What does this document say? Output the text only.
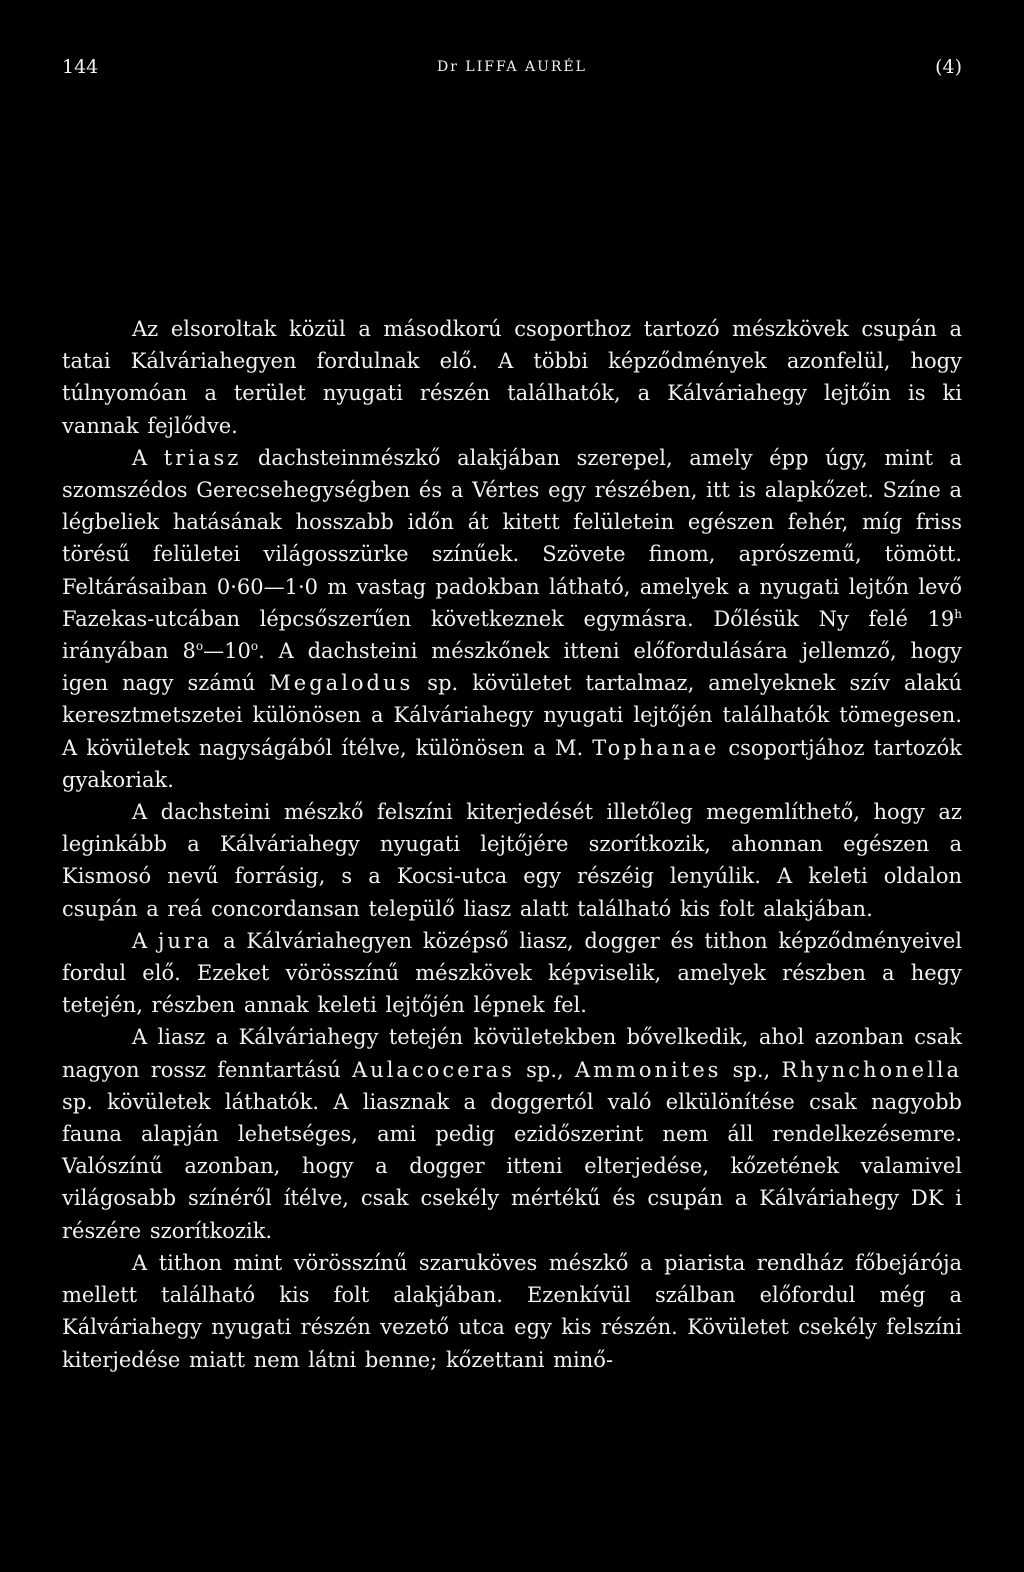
144	Dr LIFFA AURÉL	(4)

Az elsoroltak közül a másodkorú csoporthoz tartozó mészkövek csupán a tatai Kálváriahegyen fordulnak elő. A többi képződmények azonfelül, hogy túlnyomóan a terület nyugati részén találhatók, a Kálváriahegy lejtőin is ki vannak fejlődve.

A triasz dachsteinmészkő alakjában szerepel, amely épp úgy, mint a szomszédos Gerecsehegységben és a Vértes egy részében, itt is alapkőzet. Színe a légbeliek hatásának hosszabb időn át kitett felületein egészen fehér, míg friss törésű felületei világosszürke színűek. Szövete finom, aprószemű, tömött. Feltárásaiban 0·60—1·0 m vastag padokban látható, amelyek a nyugati lejtőn levő Fazekas-utcában lépcsőszerűen következnek egymásra. Dőlésük Ny felé 19$^h$ irányában 8$^o$—10$^o$. A dachsteini mészkőnek itteni előfordulására jellemző, hogy igen nagy számú Megalodus sp. kövületet tartalmaz, amelyeknek szív alakú keresztmetszetei különösen a Kálváriahegy nyugati lejtőjén találhatók tömegesen. A kövületek nagyságából ítélve, különösen a M. Tophanae csoportjához tartozók gyakoriak.

A dachsteini mészkő felszíni kiterjedését illetőleg megemlíthető, hogy az leginkább a Kálváriahegy nyugati lejtőjére szorítkozik, ahonnan egészen a Kismosó nevű forrásig, s a Kocsi-utca egy részéig lenyúlik. A keleti oldalon csupán a reá concordansan települő liasz alatt található kis folt alakjában.

A jura a Kálváriahegyen középső liasz, dogger és tithon képződményeivel fordul elő. Ezeket vörösszínű mészkövek képviselik, amelyek részben a hegy tetején, részben annak keleti lejtőjén lépnek fel.

A liasz a Kálváriahegy tetején kövületekben bővelkedik, ahol azonban csak nagyon rossz fenntartású Aulacoceras sp., Ammonites sp., Rhynchonella sp. kövületek láthatók. A liasznak a doggertól való elkülönítése csak nagyobb fauna alapján lehetséges, ami pedig ezidőszerint nem áll rendelkezésemre. Valószínű azonban, hogy a dogger itteni elterjedése, kőzetének valamivel világosabb színéről ítélve, csak csekély mértékű és csupán a Kálváriahegy DK i részére szorítkozik.

A tithon mint vörösszínű szaruköves mészkő a piarista rendház főbejárója mellett található kis folt alakjában. Ezenkívül szálban előfordul még a Kálváriahegy nyugati részén vezető utca egy kis részén. Kövületet csekély felszíni kiterjedése miatt nem látni benne; kőzettani minő-
